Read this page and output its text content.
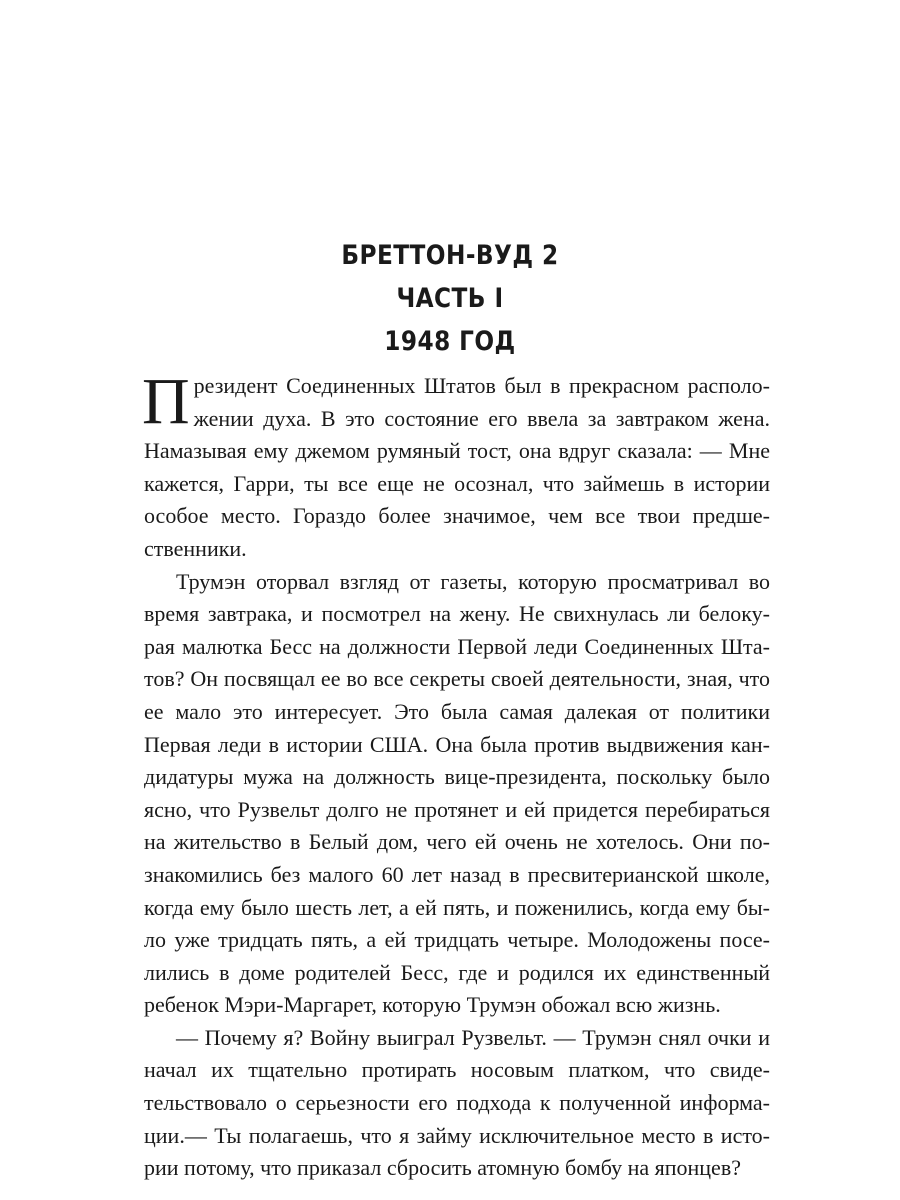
БРЕТТОН-ВУД 2
ЧАСТЬ I
1948 ГОД

Президент Соединенных Штатов был в прекрасном располо-жении духа. В это состояние его ввела за завтраком жена. Намазывая ему джемом румяный тост, она вдруг сказала: — Мне кажется, Гарри, ты все еще не осознал, что займешь в истории особое место. Гораздо более значимое, чем все твои предше-ственники.

Трумэн оторвал взгляд от газеты, которую просматривал во время завтрака, и посмотрел на жену. Не свихнулась ли белоку-рая малютка Бесс на должности Первой леди Соединенных Шта-тов? Он посвящал ее во все секреты своей деятельности, зная, что ее мало это интересует. Это была самая далекая от политики Первая леди в истории США. Она была против выдвижения кан-дидатуры мужа на должность вице-президента, поскольку было ясно, что Рузвельт долго не протянет и ей придется перебираться на жительство в Белый дом, чего ей очень не хотелось. Они по-знакомились без малого 60 лет назад в пресвитерианской школе, когда ему было шесть лет, а ей пять, и поженились, когда ему бы-ло уже тридцать пять, а ей тридцать четыре. Молодожены посе-лились в доме родителей Бесс, где и родился их единственный ребенок Мэри-Маргарет, которую Трумэн обожал всю жизнь.

— Почему я? Войну выиграл Рузвельт. — Трумэн снял очки и начал их тщательно протирать носовым платком, что свиде-тельствовало о серьезности его подхода к полученной информа-ции.— Ты полагаешь, что я займу исключительное место в исто-рии потому, что приказал сбросить атомную бомбу на японцев?
